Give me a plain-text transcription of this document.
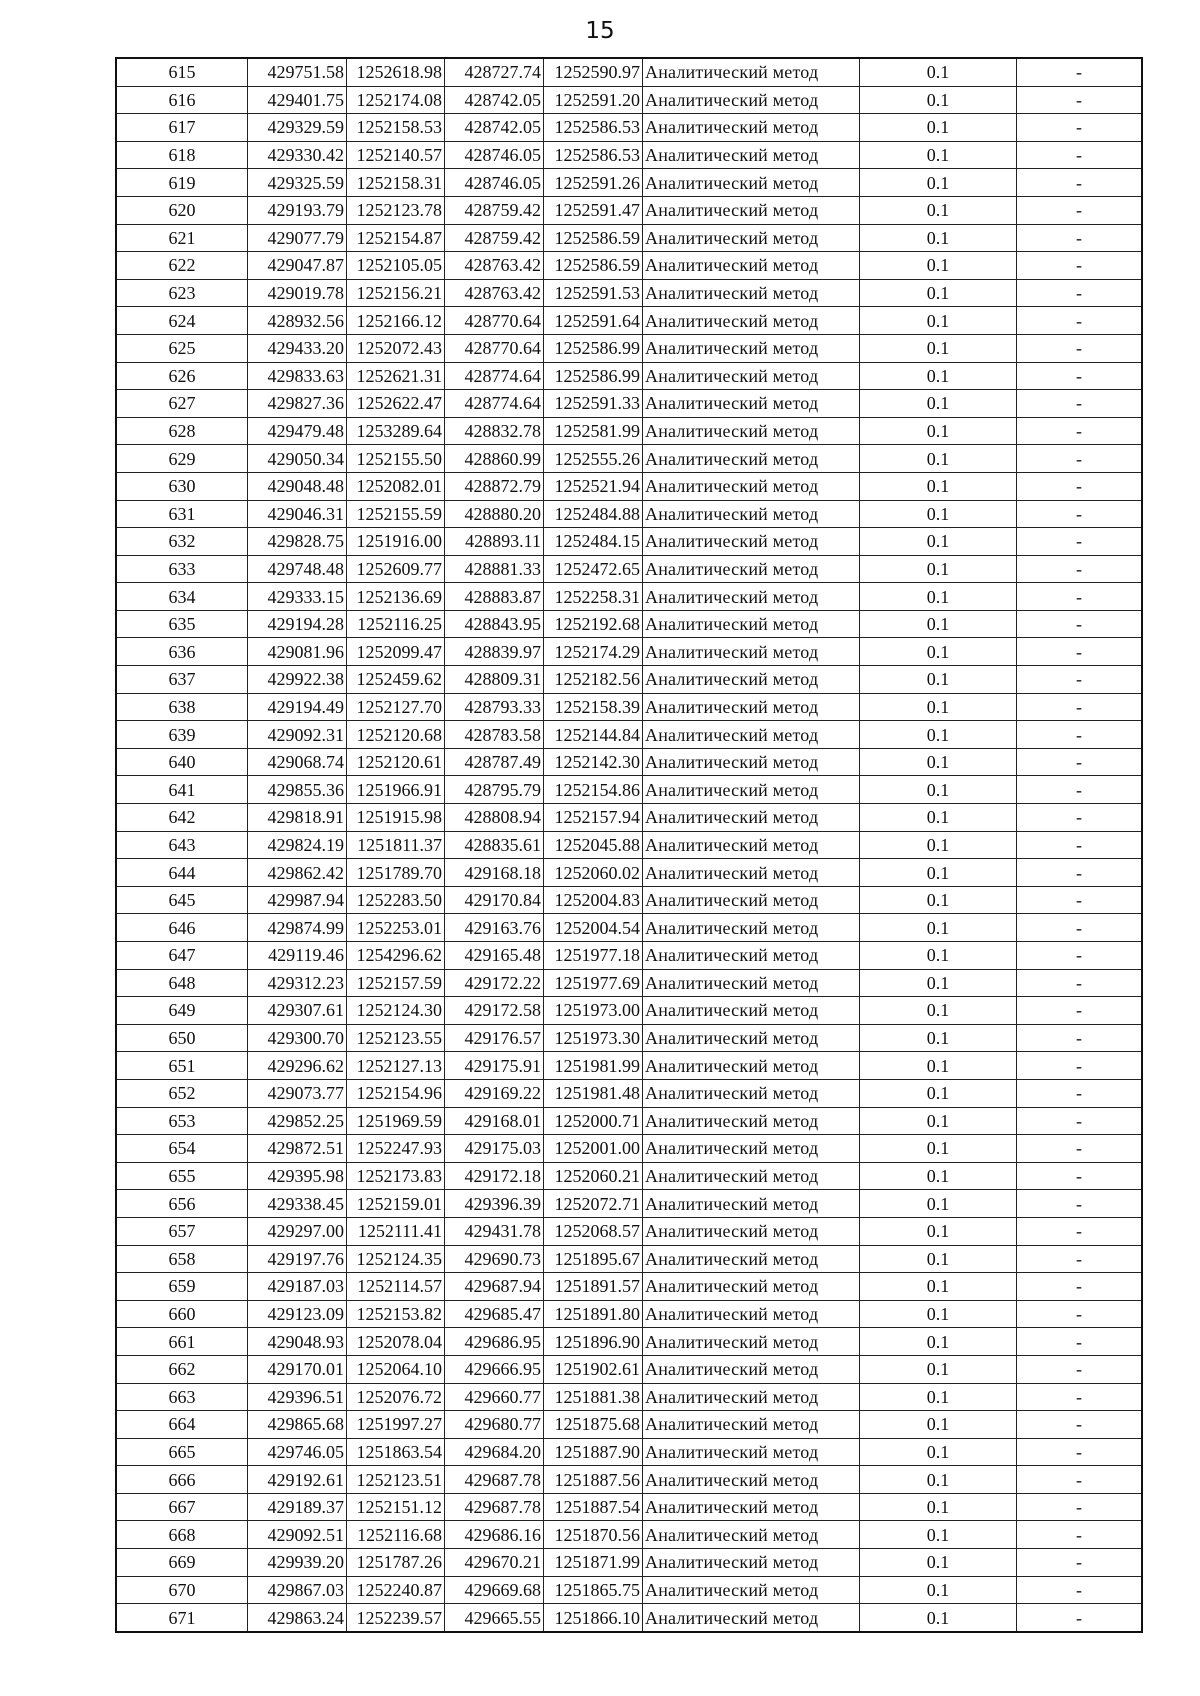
15
615	429751.58	1252618.98	428727.74	1252590.97	Аналитический метод	0.1	-
616	429401.75	1252174.08	428742.05	1252591.20	Аналитический метод	0.1	-
617	429329.59	1252158.53	428742.05	1252586.53	Аналитический метод	0.1	-
618	429330.42	1252140.57	428746.05	1252586.53	Аналитический метод	0.1	-
619	429325.59	1252158.31	428746.05	1252591.26	Аналитический метод	0.1	-
620	429193.79	1252123.78	428759.42	1252591.47	Аналитический метод	0.1	-
621	429077.79	1252154.87	428759.42	1252586.59	Аналитический метод	0.1	-
622	429047.87	1252105.05	428763.42	1252586.59	Аналитический метод	0.1	-
623	429019.78	1252156.21	428763.42	1252591.53	Аналитический метод	0.1	-
624	428932.56	1252166.12	428770.64	1252591.64	Аналитический метод	0.1	-
625	429433.20	1252072.43	428770.64	1252586.99	Аналитический метод	0.1	-
626	429833.63	1252621.31	428774.64	1252586.99	Аналитический метод	0.1	-
627	429827.36	1252622.47	428774.64	1252591.33	Аналитический метод	0.1	-
628	429479.48	1253289.64	428832.78	1252581.99	Аналитический метод	0.1	-
629	429050.34	1252155.50	428860.99	1252555.26	Аналитический метод	0.1	-
630	429048.48	1252082.01	428872.79	1252521.94	Аналитический метод	0.1	-
631	429046.31	1252155.59	428880.20	1252484.88	Аналитический метод	0.1	-
632	429828.75	1251916.00	428893.11	1252484.15	Аналитический метод	0.1	-
633	429748.48	1252609.77	428881.33	1252472.65	Аналитический метод	0.1	-
634	429333.15	1252136.69	428883.87	1252258.31	Аналитический метод	0.1	-
635	429194.28	1252116.25	428843.95	1252192.68	Аналитический метод	0.1	-
636	429081.96	1252099.47	428839.97	1252174.29	Аналитический метод	0.1	-
637	429922.38	1252459.62	428809.31	1252182.56	Аналитический метод	0.1	-
638	429194.49	1252127.70	428793.33	1252158.39	Аналитический метод	0.1	-
639	429092.31	1252120.68	428783.58	1252144.84	Аналитический метод	0.1	-
640	429068.74	1252120.61	428787.49	1252142.30	Аналитический метод	0.1	-
641	429855.36	1251966.91	428795.79	1252154.86	Аналитический метод	0.1	-
642	429818.91	1251915.98	428808.94	1252157.94	Аналитический метод	0.1	-
643	429824.19	1251811.37	428835.61	1252045.88	Аналитический метод	0.1	-
644	429862.42	1251789.70	429168.18	1252060.02	Аналитический метод	0.1	-
645	429987.94	1252283.50	429170.84	1252004.83	Аналитический метод	0.1	-
646	429874.99	1252253.01	429163.76	1252004.54	Аналитический метод	0.1	-
647	429119.46	1254296.62	429165.48	1251977.18	Аналитический метод	0.1	-
648	429312.23	1252157.59	429172.22	1251977.69	Аналитический метод	0.1	-
649	429307.61	1252124.30	429172.58	1251973.00	Аналитический метод	0.1	-
650	429300.70	1252123.55	429176.57	1251973.30	Аналитический метод	0.1	-
651	429296.62	1252127.13	429175.91	1251981.99	Аналитический метод	0.1	-
652	429073.77	1252154.96	429169.22	1251981.48	Аналитический метод	0.1	-
653	429852.25	1251969.59	429168.01	1252000.71	Аналитический метод	0.1	-
654	429872.51	1252247.93	429175.03	1252001.00	Аналитический метод	0.1	-
655	429395.98	1252173.83	429172.18	1252060.21	Аналитический метод	0.1	-
656	429338.45	1252159.01	429396.39	1252072.71	Аналитический метод	0.1	-
657	429297.00	1252111.41	429431.78	1252068.57	Аналитический метод	0.1	-
658	429197.76	1252124.35	429690.73	1251895.67	Аналитический метод	0.1	-
659	429187.03	1252114.57	429687.94	1251891.57	Аналитический метод	0.1	-
660	429123.09	1252153.82	429685.47	1251891.80	Аналитический метод	0.1	-
661	429048.93	1252078.04	429686.95	1251896.90	Аналитический метод	0.1	-
662	429170.01	1252064.10	429666.95	1251902.61	Аналитический метод	0.1	-
663	429396.51	1252076.72	429660.77	1251881.38	Аналитический метод	0.1	-
664	429865.68	1251997.27	429680.77	1251875.68	Аналитический метод	0.1	-
665	429746.05	1251863.54	429684.20	1251887.90	Аналитический метод	0.1	-
666	429192.61	1252123.51	429687.78	1251887.56	Аналитический метод	0.1	-
667	429189.37	1252151.12	429687.78	1251887.54	Аналитический метод	0.1	-
668	429092.51	1252116.68	429686.16	1251870.56	Аналитический метод	0.1	-
669	429939.20	1251787.26	429670.21	1251871.99	Аналитический метод	0.1	-
670	429867.03	1252240.87	429669.68	1251865.75	Аналитический метод	0.1	-
671	429863.24	1252239.57	429665.55	1251866.10	Аналитический метод	0.1	-
